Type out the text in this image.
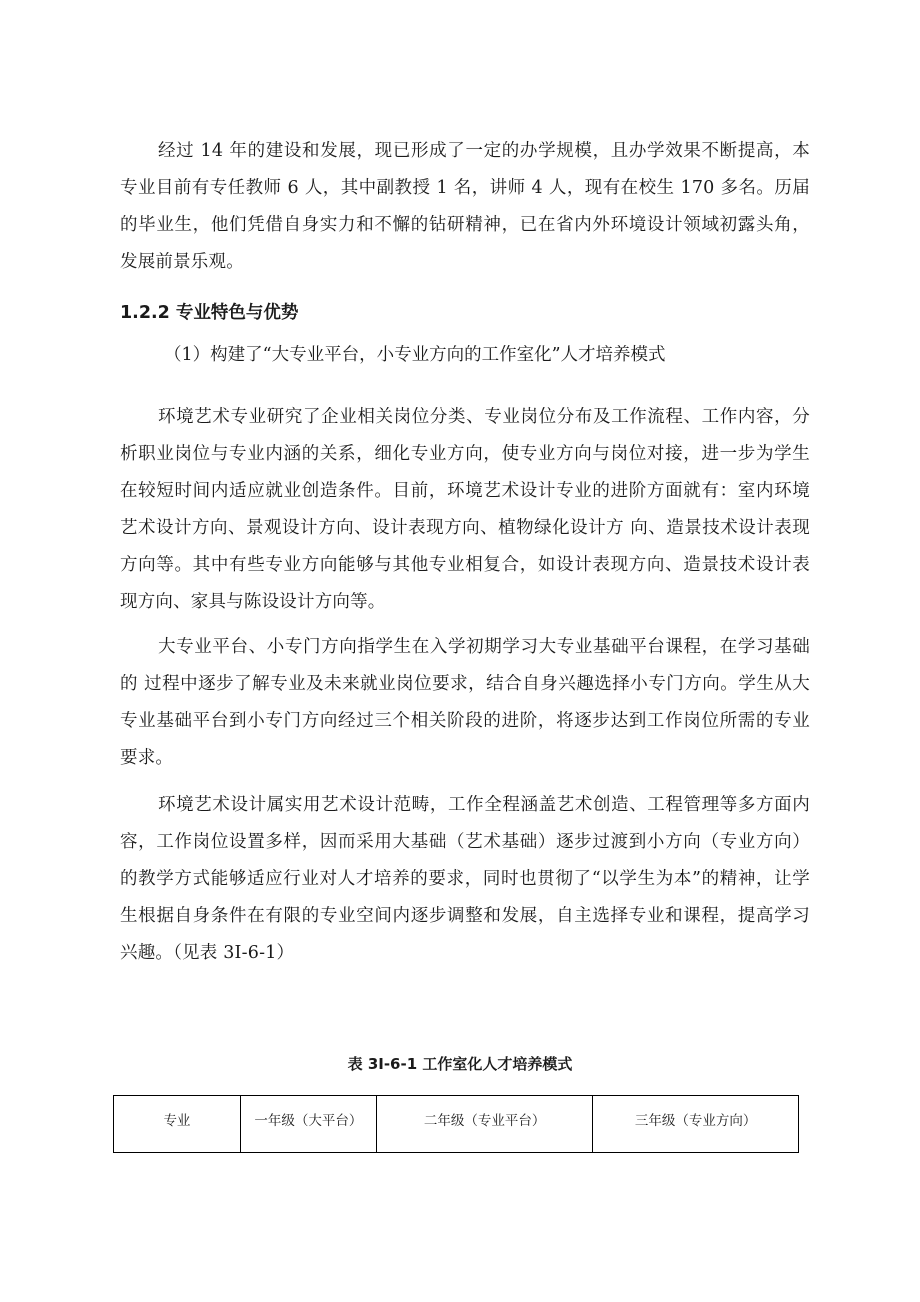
经过 14 年的建设和发展，现已形成了一定的办学规模，且办学效果不断提高，本专业目前有专任教师 6 人，其中副教授 1 名，讲师 4 人，现有在校生 170 多名。历届的毕业生，他们凭借自身实力和不懈的钻研精神，已在省内外环境设计领域初露头角，发展前景乐观。

1.2.2 专业特色与优势

（1）构建了“大专业平台，小专业方向的工作室化”人才培养模式

环境艺术专业研究了企业相关岗位分类、专业岗位分布及工作流程、工作内容，分析职业岗位与专业内涵的关系，细化专业方向，使专业方向与岗位对接，进一步为学生在较短时间内适应就业创造条件。目前，环境艺术设计专业的进阶方面就有：室内环境艺术设计方向、景观设计方向、设计表现方向、植物绿化设计方 向、造景技术设计表现方向等。其中有些专业方向能够与其他专业相复合，如设计表现方向、造景技术设计表现方向、家具与陈设设计方向等。

大专业平台、小专门方向指学生在入学初期学习大专业基础平台课程，在学习基础的 过程中逐步了解专业及未来就业岗位要求，结合自身兴趣选择小专门方向。学生从大专业基础平台到小专门方向经过三个相关阶段的进阶，将逐步达到工作岗位所需的专业要求。

环境艺术设计属实用艺术设计范畴，工作全程涵盖艺术创造、工程管理等多方面内容，工作岗位设置多样，因而采用大基础（艺术基础）逐步过渡到小方向（专业方向）的教学方式能够适应行业对人才培养的要求，同时也贯彻了“以学生为本”的精神，让学生根据自身条件在有限的专业空间内逐步调整和发展，自主选择专业和课程，提高学习兴趣。（见表 3I-6-1）

表 3I-6-1 工作室化人才培养模式

专业	一年级（大平台）	二年级（专业平台）	三年级（专业方向）
